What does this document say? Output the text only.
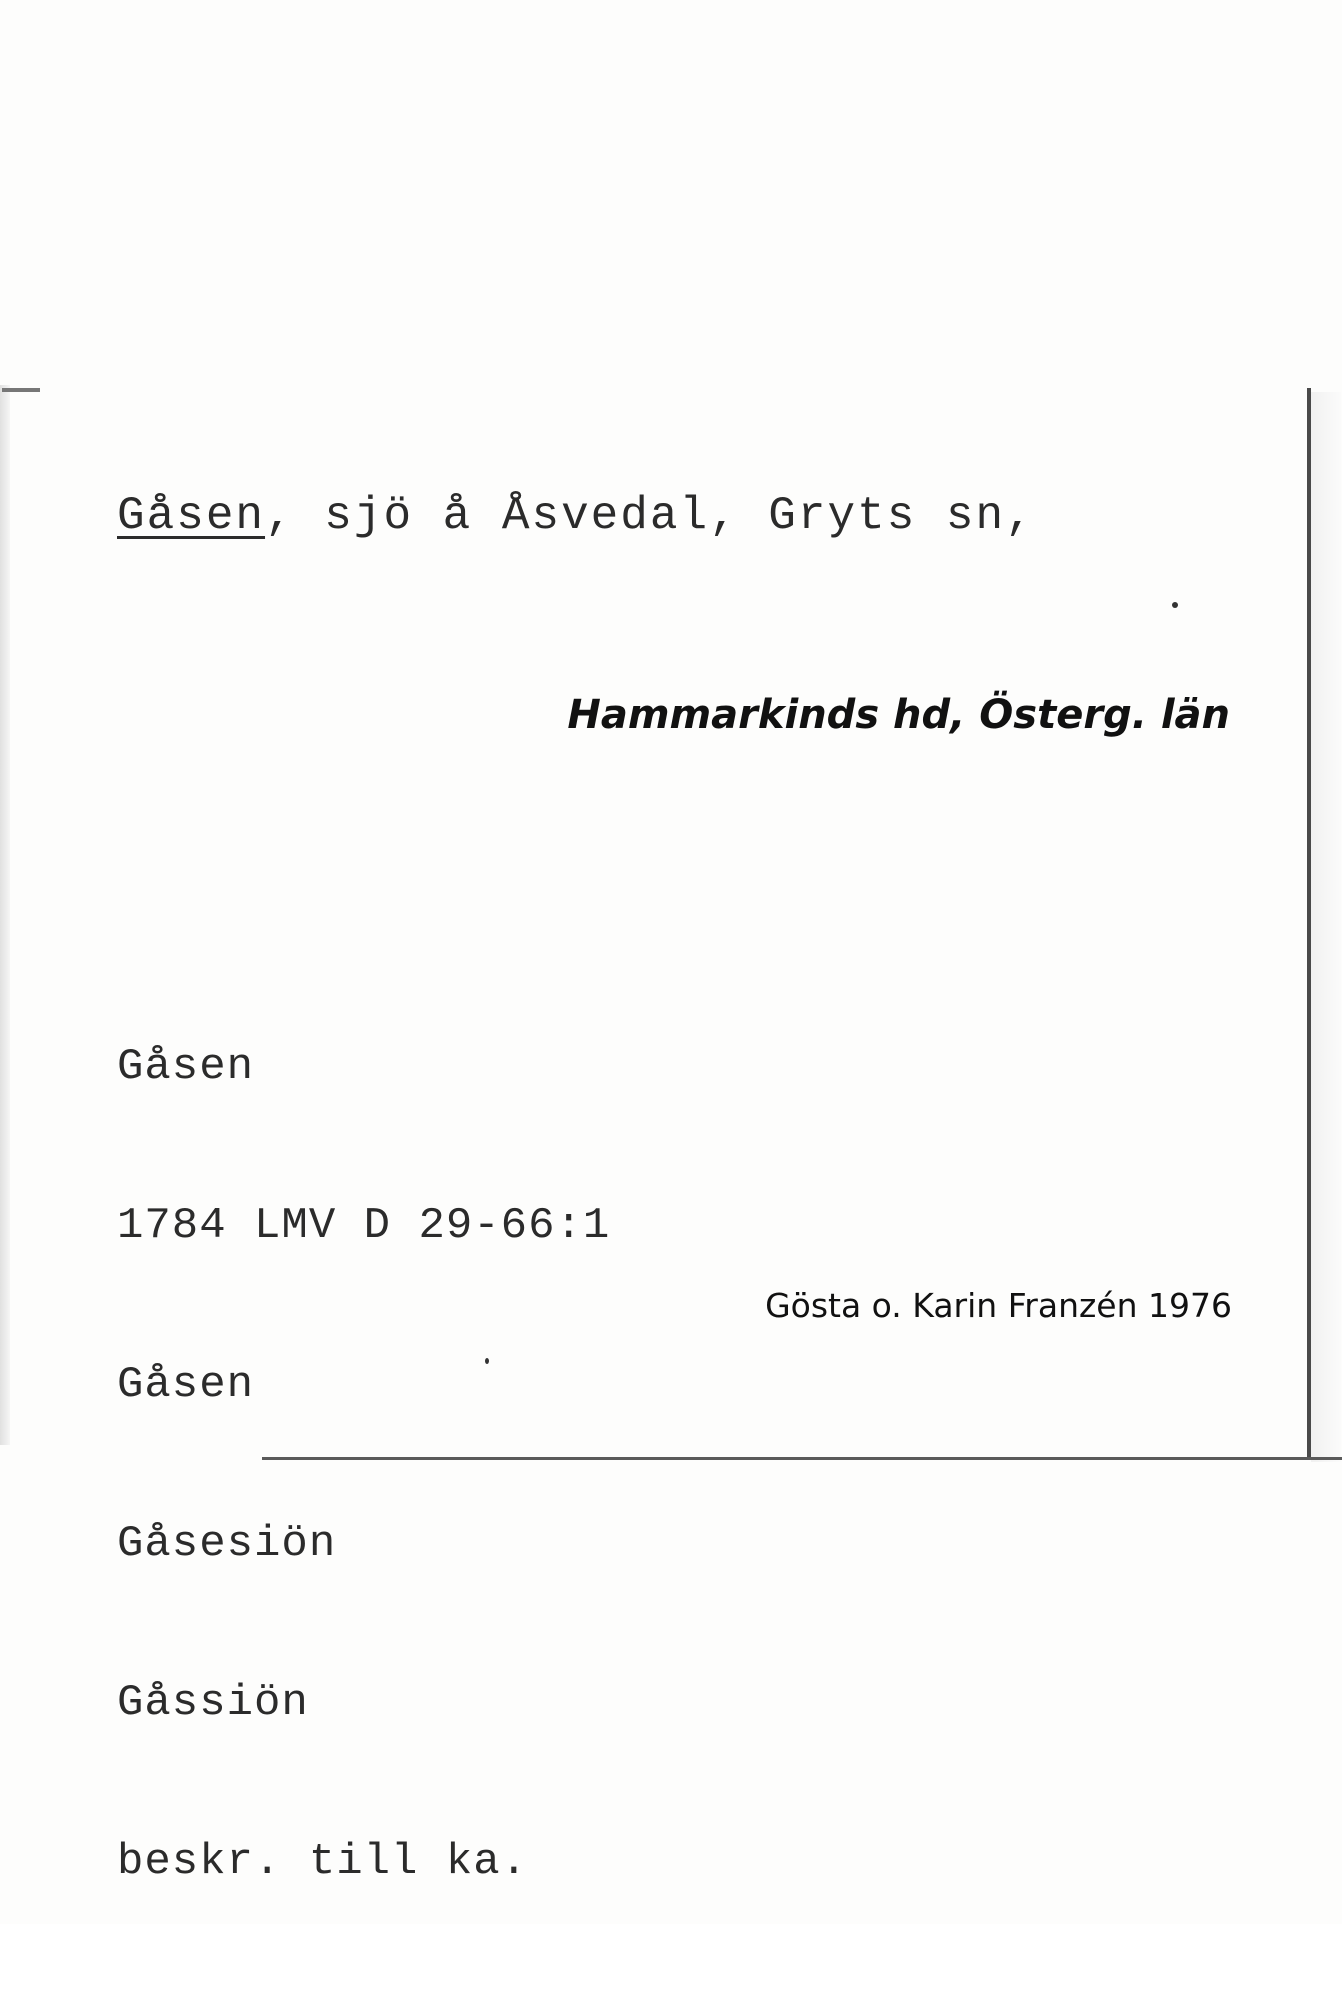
Gåsen, sjö å Åsvedal, Gryts sn,
Hammarkinds hd, Österg. län

Gåsen

1784 LMV D 29-66:1

Gåsen

Gåsesiön

Gåssiön

beskr. till ka.

Gösta o. Karin Franzén 1976
